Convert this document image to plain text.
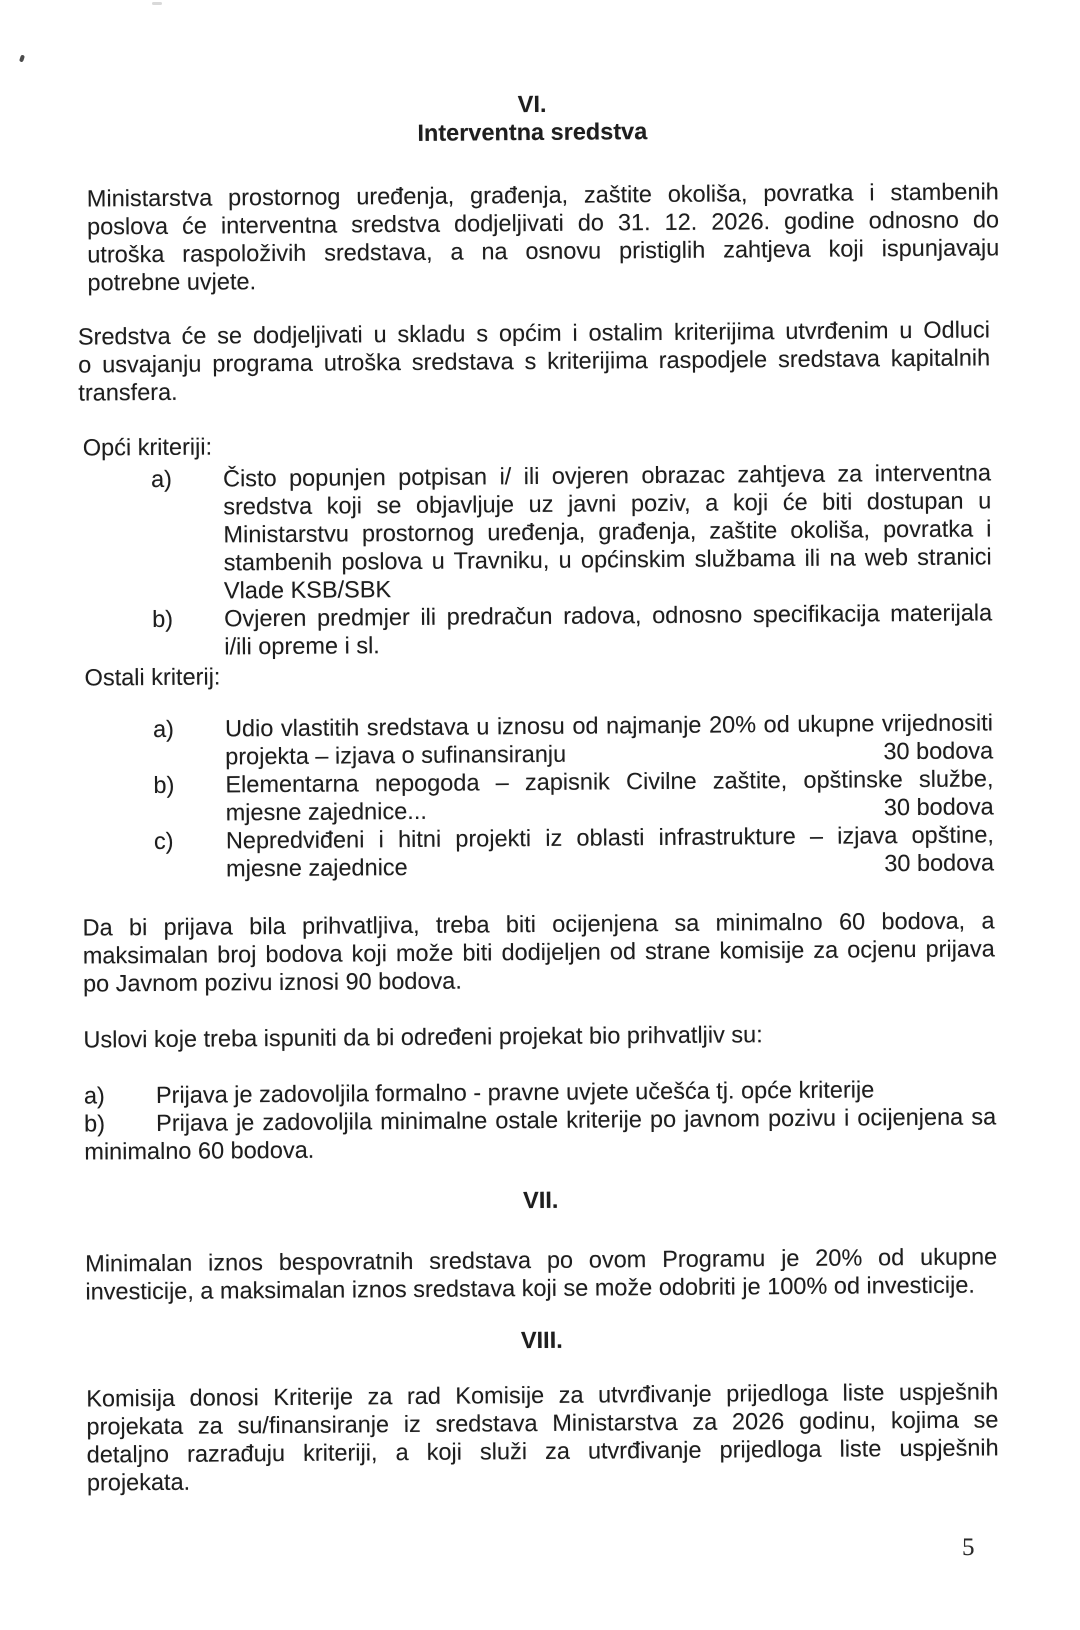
VI.
Interventna sredstva
Ministarstva prostornog uređenja, građenja, zaštite okoliša, povratka i stambenih
poslova će interventna sredstva dodjeljivati do 31. 12. 2026. godine odnosno do
utroška raspoloživih sredstava, a na osnovu pristiglih zahtjeva koji ispunjavaju
potrebne uvjete.
Sredstva će se dodjeljivati u skladu s općim i ostalim kriterijima utvrđenim u Odluci
o usvajanju programa utroška sredstava s kriterijima raspodjele sredstava kapitalnih
transfera.
Opći kriteriji:
a)	Čisto popunjen potpisan i/ ili ovjeren obrazac zahtjeva za interventna
sredstva koji se objavljuje uz javni poziv, a koji će biti dostupan u
Ministarstvu prostornog uređenja, građenja, zaštite okoliša, povratka i
stambenih poslova u Travniku, u općinskim službama ili na web stranici
Vlade KSB/SBK
b)	Ovjeren predmjer ili predračun radova, odnosno specifikacija materijala
i/ili opreme i sl.
Ostali kriterij:
a)	Udio vlastitih sredstava u iznosu od najmanje 20% od ukupne vrijednositi
projekta – izjava o sufinansiranju	30 bodova
b)	Elementarna nepogoda – zapisnik Civilne zaštite, opštinske službe,
mjesne zajednice...	30 bodova
c)	Nepredviđeni i hitni projekti iz oblasti infrastrukture – izjava opštine,
mjesne zajednice	30 bodova
Da bi prijava bila prihvatljiva, treba biti ocijenjena sa minimalno 60 bodova, a
maksimalan broj bodova koji može biti dodijeljen od strane komisije za ocjenu prijava
po Javnom pozivu iznosi 90 bodova.
Uslovi koje treba ispuniti da bi određeni projekat bio prihvatljiv su:
a)	Prijava je zadovoljila formalno - pravne uvjete učešća tj. opće kriterije
b)	Prijava je zadovoljila minimalne ostale kriterije po javnom pozivu i ocijenjena sa
minimalno 60 bodova.
VII.
Minimalan iznos bespovratnih sredstava po ovom Programu je 20% od ukupne
investicije, a maksimalan iznos sredstava koji se može odobriti je 100% od investicije.
VIII.
Komisija donosi Kriterije za rad Komisije za utvrđivanje prijedloga liste uspješnih
projekata za su/finansiranje iz sredstava Ministarstva za 2026 godinu, kojima se
detaljno razrađuju kriteriji, a koji služi za utvrđivanje prijedloga liste uspješnih
projekata.
5
